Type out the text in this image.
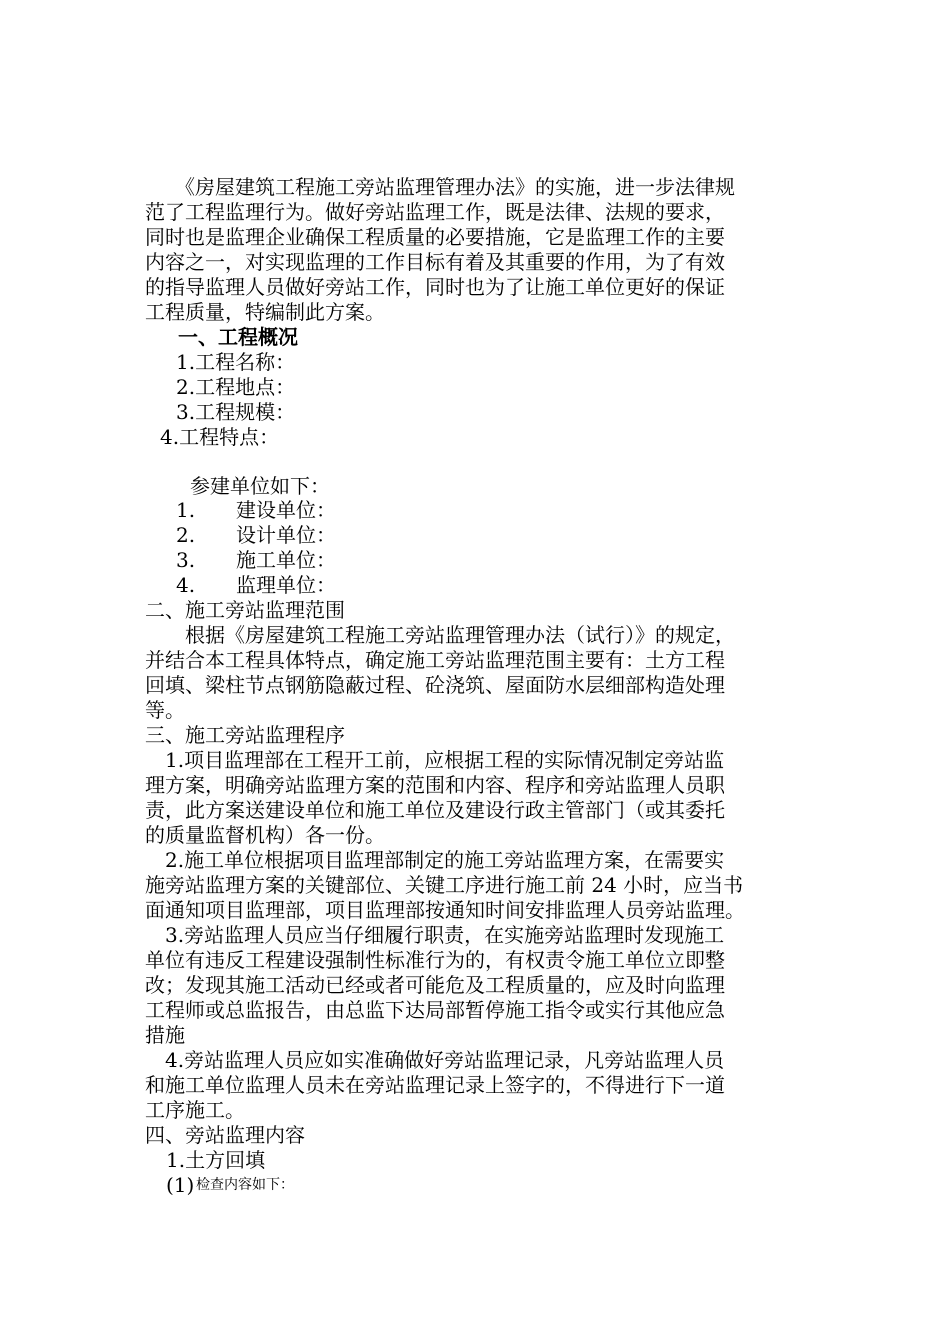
　　《房屋建筑工程施工旁站监理管理办法》的实施，进一步法律规
范了工程监理行为。做好旁站监理工作，既是法律、法规的要求，
同时也是监理企业确保工程质量的必要措施，它是监理工作的主要
内容之一，对实现监理的工作目标有着及其重要的作用，为了有效
的指导监理人员做好旁站工作，同时也为了让施工单位更好的保证
工程质量，特编制此方案。
一、工程概况
1.工程名称：
2.工程地点：
3.工程规模：
4.工程特点：
参建单位如下：
1. 建设单位：
2. 设计单位：
3. 施工单位：
4. 监理单位：
二、施工旁站监理范围
　　根据《房屋建筑工程施工旁站监理管理办法（试行）》的规定，
并结合本工程具体特点，确定施工旁站监理范围主要有：土方工程
回填、梁柱节点钢筋隐蔽过程、砼浇筑、屋面防水层细部构造处理
等。
三、施工旁站监理程序
　1.项目监理部在工程开工前，应根据工程的实际情况制定旁站监
理方案，明确旁站监理方案的范围和内容、程序和旁站监理人员职
责，此方案送建设单位和施工单位及建设行政主管部门（或其委托
的质量监督机构）各一份。
　2.施工单位根据项目监理部制定的施工旁站监理方案，在需要实
施旁站监理方案的关键部位、关键工序进行施工前 24 小时，应当书
面通知项目监理部，项目监理部按通知时间安排监理人员旁站监理。
　3.旁站监理人员应当仔细履行职责，在实施旁站监理时发现施工
单位有违反工程建设强制性标准行为的，有权责令施工单位立即整
改；发现其施工活动已经或者可能危及工程质量的，应及时向监理
工程师或总监报告，由总监下达局部暂停施工指令或实行其他应急
措施
　4.旁站监理人员应如实准确做好旁站监理记录，凡旁站监理人员
和施工单位监理人员未在旁站监理记录上签字的，不得进行下一道
工序施工。
四、旁站监理内容
1.土方回填
(1) 检查内容如下：
